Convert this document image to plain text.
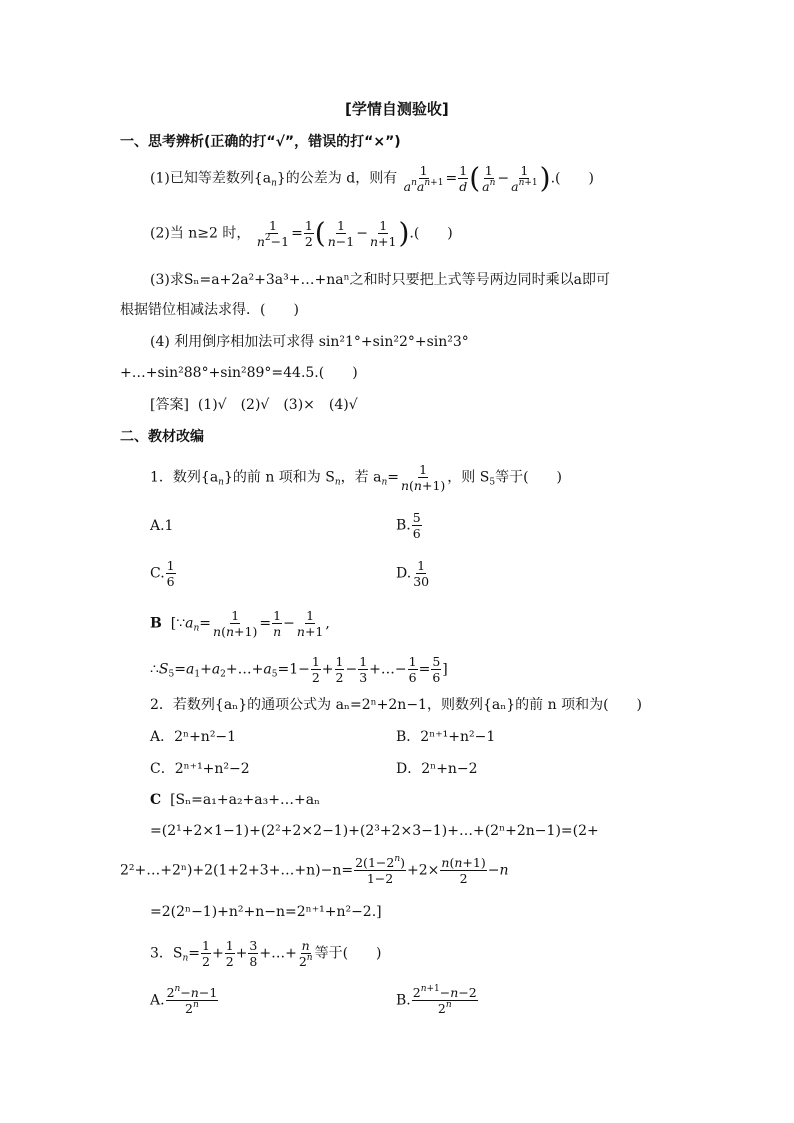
[学情自测验收]
一、思考辨析(正确的打“√”，错误的打“×”)
(1)已知等差数列$\{a_n\}$的公差为 d，则有 1
$a^na^{n+1} = \frac{1}{d}$ ( $\frac{1}{a^n} - \frac{1}{a^{n+1}}$ ).(　　)
(2)当 n≥2 时， $\frac{1}{n^2-1} = \frac{1}{2}$ ( $\frac{1}{n-1} - \frac{1}{n+1}$ ).(　　)
(3)求Sₙ=a+2a²+3a³+…+naⁿ之和时只要把上式等号两边同时乘以a即可
根据错位相减法求得．(　　)
(4) 利用倒序相加法可求得 sin²1°+sin²2°+sin²3°
+…+sin²88°+sin²89°=44.5.(　　)
[答案] (1)√　(2)√　(3)×　(4)√
二、教材改编
1．数列$\{a_n\}$的前 n 项和为 $S_n$，若 $a_n= \frac{1}{n(n+1)}$ ，则 $S_5$等于(　　)
A.1	B. $\frac{5}{6}$
C. $\frac{1}{6}$	D. $\frac{1}{30}$
B  [$\because a_n= \frac{1}{n(n+1)} = \frac{1}{n} - \frac{1}{n+1}$ ,
$\therefore S_5=a_1+a_2+\dots+a_5=1- \frac{1}{2} + \frac{1}{2} - \frac{1}{3}$ +…− $\frac{1}{6} = \frac{5}{6}$ ]
2．若数列{aₙ}的通项公式为 aₙ=2ⁿ+2n−1，则数列{aₙ}的前 n 项和为(　　)
A．2ⁿ+n²−1	B．2ⁿ⁺¹+n²−1
C．2ⁿ⁺¹+n²−2	D．2ⁿ+n−2
C [Sₙ=a₁+a₂+a₃+…+aₙ
=(2¹+2×1−1)+(2²+2×2−1)+(2³+2×3−1)+…+(2ⁿ+2n−1)=(2+
2²+…+2ⁿ)+2(1+2+3+…+n)−n= $\frac{2(1-2^n)}{1-2} +2\times \frac{n(n+1)}{2} -n$
=2(2ⁿ−1)+n²+n−n=2ⁿ⁺¹+n²−2.]
3．$S_n= \frac{1}{2} + \frac{1}{2} + \frac{3}{8}$ +…+ $\frac{n}{2^n}$ 等于(　　)
A. $\frac{2^n-n-1}{2^n}$	B. $\frac{2^{n+1}-n-2}{2^n}$
